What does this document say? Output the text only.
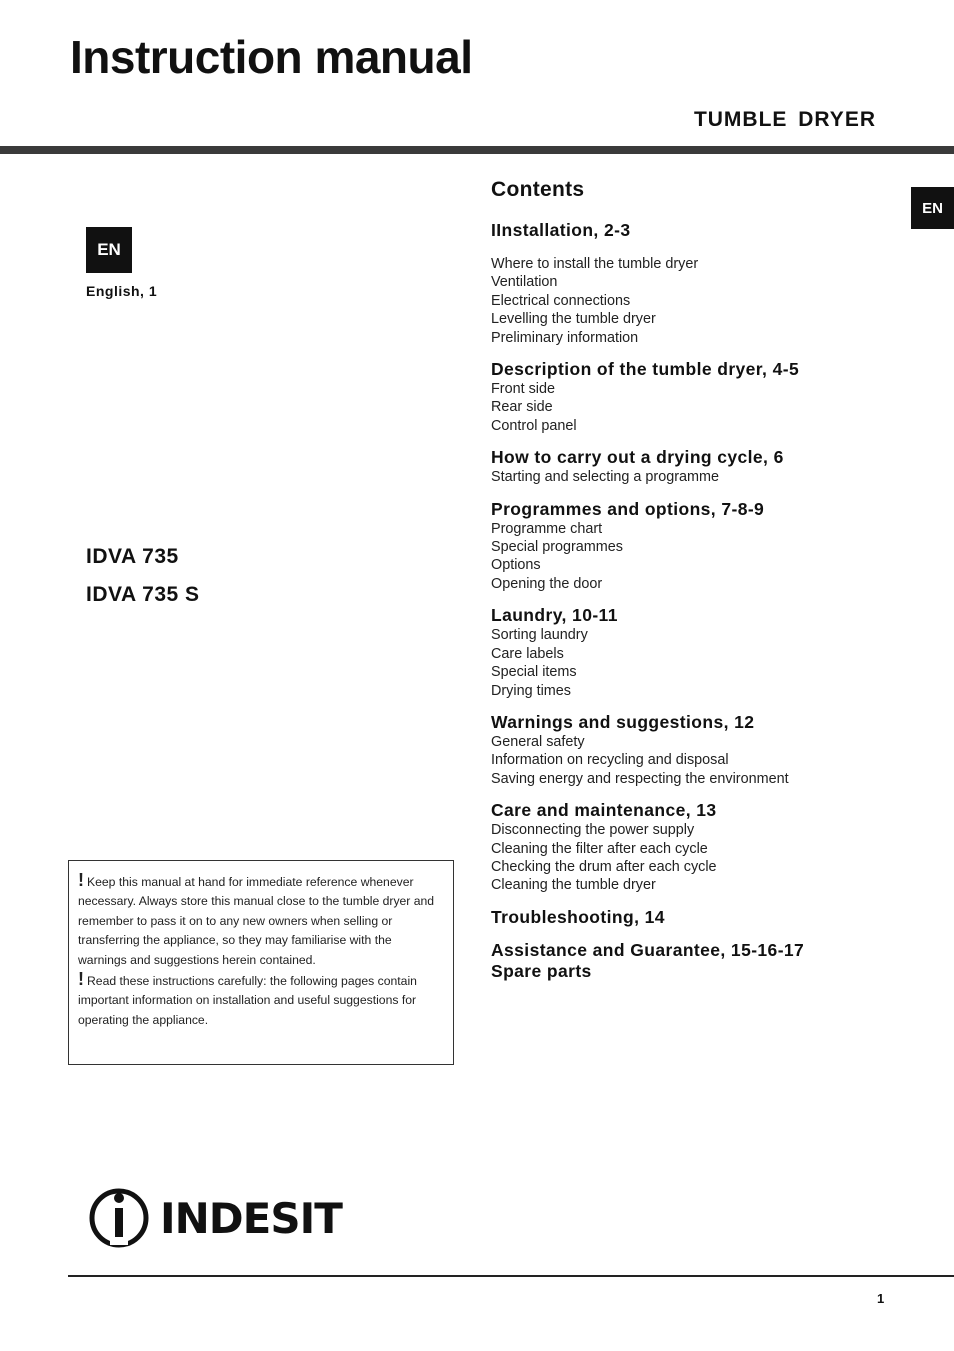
Instruction manual
TUMBLE DRYER
EN
English, 1
EN
IDVA 735
IDVA 735 S

! Keep this manual at hand for immediate reference whenever necessary. Always store this manual close to the tumble dryer and remember to pass it on to any new owners when selling or transferring the appliance, so they may familiarise with the warnings and suggestions herein contained.

! Read these instructions carefully: the following pages contain important information on installation and useful suggestions for operating the appliance.

Contents
IInstallation, 2-3
Where to install the tumble dryer
Ventilation
Electrical connections
Levelling the tumble dryer
Preliminary information
Description of the tumble dryer, 4-5
Front side
Rear side
Control panel
How to carry out a drying cycle, 6
Starting and selecting a programme
Programmes and options, 7-8-9
Programme chart
Special programmes
Options
Opening the door
Laundry, 10-11
Sorting laundry
Care labels
Special items
Drying times
Warnings and suggestions, 12
General safety
Information on recycling and disposal
Saving energy and respecting the environment
Care and maintenance, 13
Disconnecting the power supply
Cleaning the filter after each cycle
Checking the drum after each cycle
Cleaning the tumble dryer
Troubleshooting, 14
Assistance and Guarantee, 15-16-17
Spare parts
INDESIT
1
